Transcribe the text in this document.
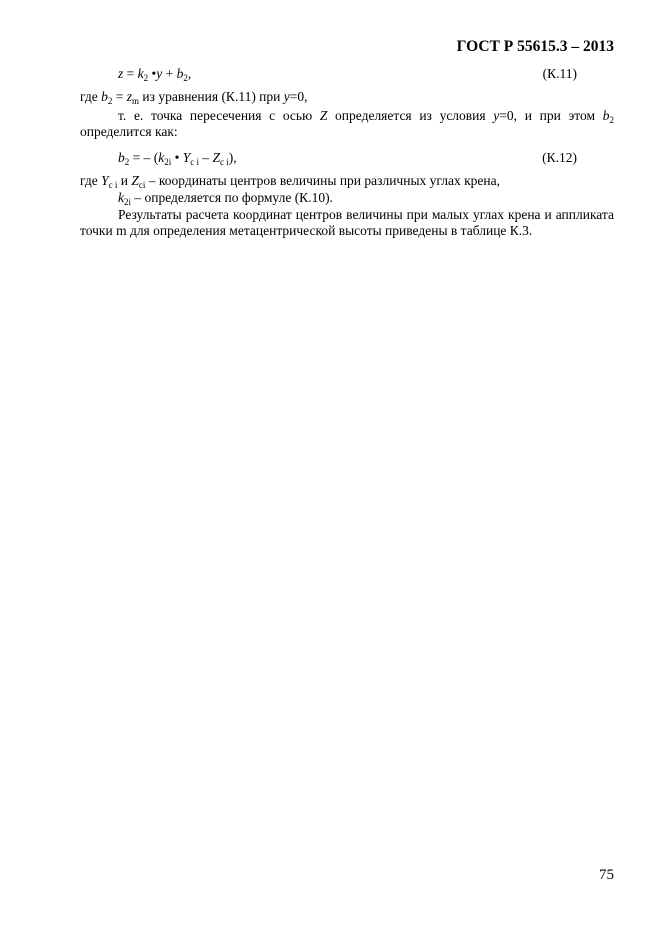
ГОСТ Р 55615.3 – 2013
$z = k_2$ •y + $b_2$,	(К.11)
где $b_2 = z_m$ из уравнения (К.11) при y=0,
т. е. точка пересечения с осью Z определяется из условия y=0, и при этом $b_2$ определится как:
$b_2$ = – ($k_{2i}$ • $Y_{c i} - Z_{c i}$),	(К.12)
где $Y_{c i}$ и $Z_{ci}$ – координаты центров величины при различных углах крена,
$k_{2i}$ – определяется по формуле (К.10).
Результаты расчета координат центров величины при малых углах крена и аппликата точки m для определения метацентрической высоты приведены в таблице К.3.
75
